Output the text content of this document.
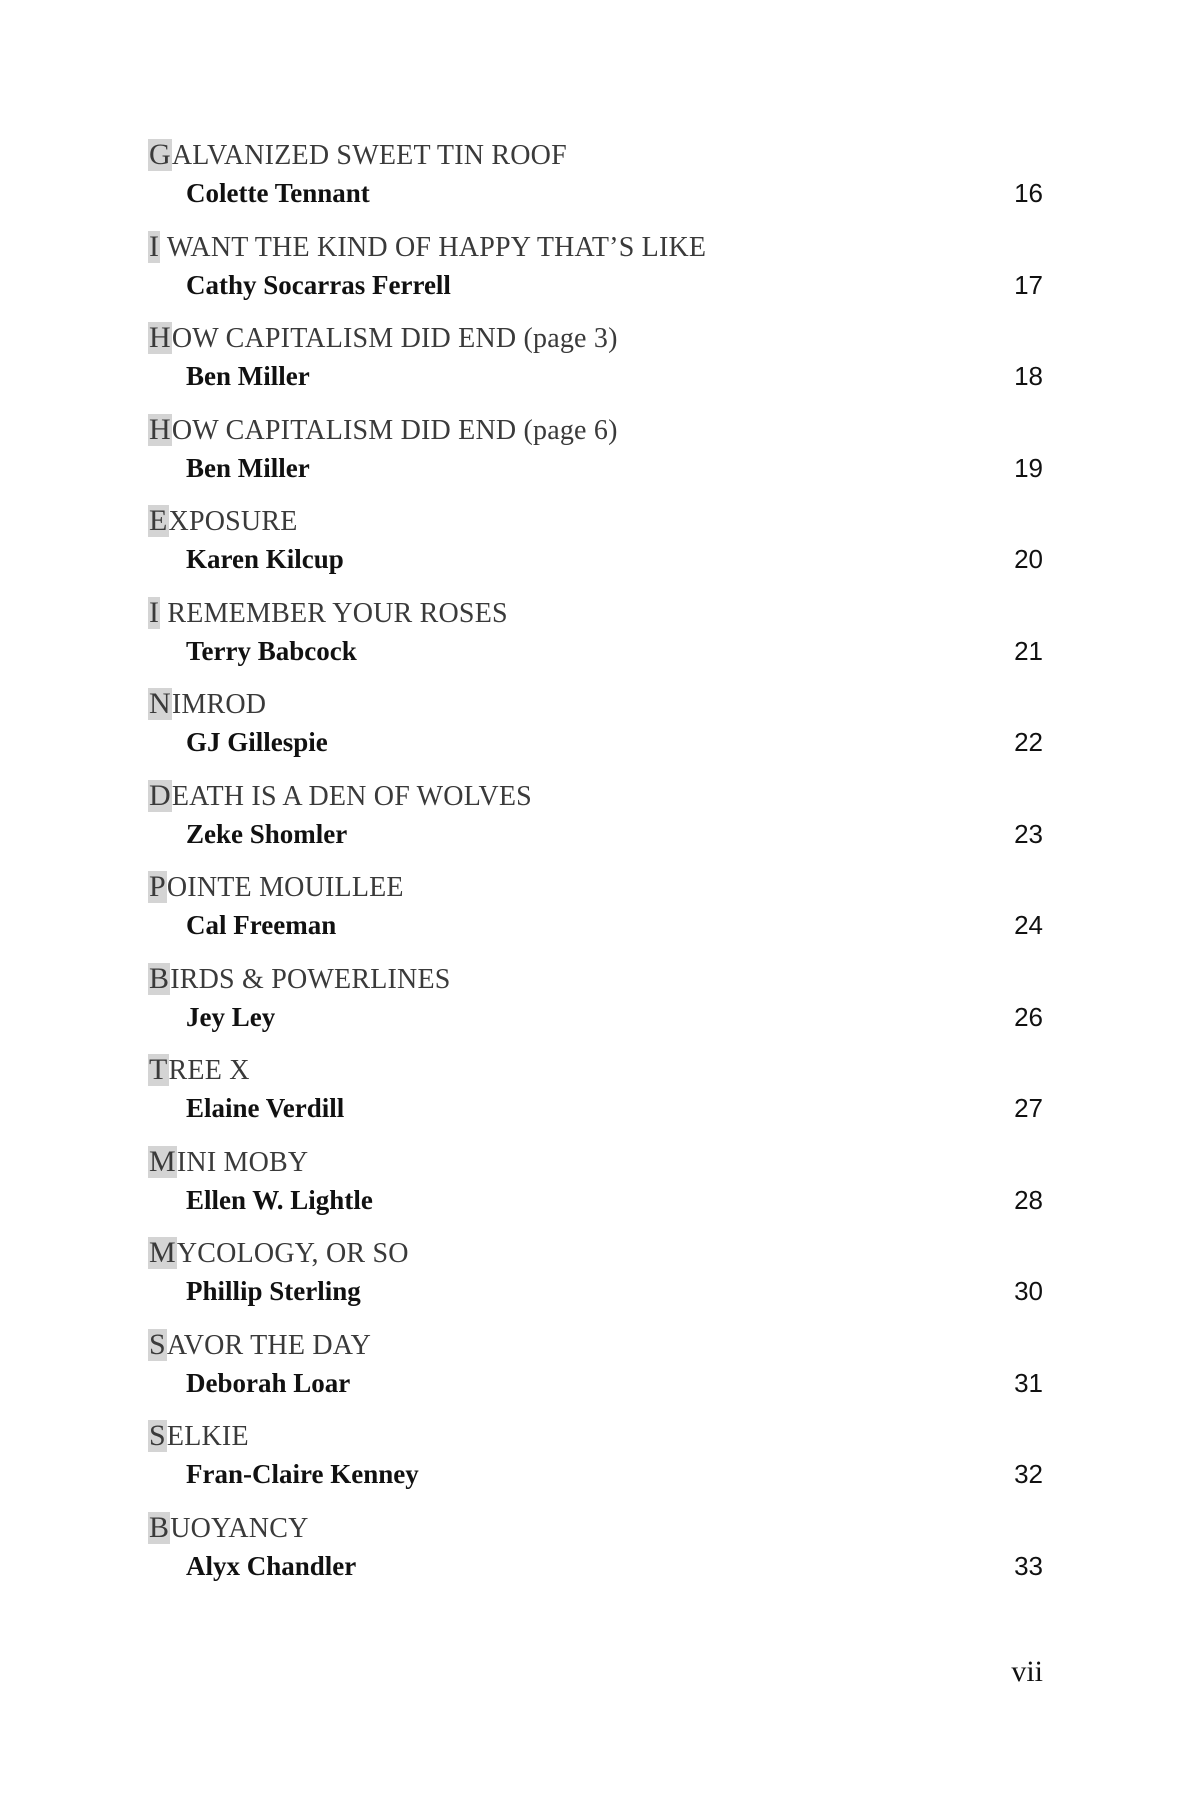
GALVANIZED SWEET TIN ROOF
Colette Tennant	16
I WANT THE KIND OF HAPPY THAT’S LIKE
Cathy Socarras Ferrell	17
HOW CAPITALISM DID END (page 3)
Ben Miller	18
HOW CAPITALISM DID END (page 6)
Ben Miller	19
EXPOSURE
Karen Kilcup	20
I REMEMBER YOUR ROSES
Terry Babcock	21
NIMROD
GJ Gillespie	22
DEATH IS A DEN OF WOLVES
Zeke Shomler	23
POINTE MOUILLEE
Cal Freeman	24
BIRDS & POWERLINES
Jey Ley	26
TREE X
Elaine Verdill	27
MINI MOBY
Ellen W. Lightle	28
MYCOLOGY, OR SO
Phillip Sterling	30
SAVOR THE DAY
Deborah Loar	31
SELKIE
Fran-Claire Kenney	32
BUOYANCY
Alyx Chandler	33
vii
